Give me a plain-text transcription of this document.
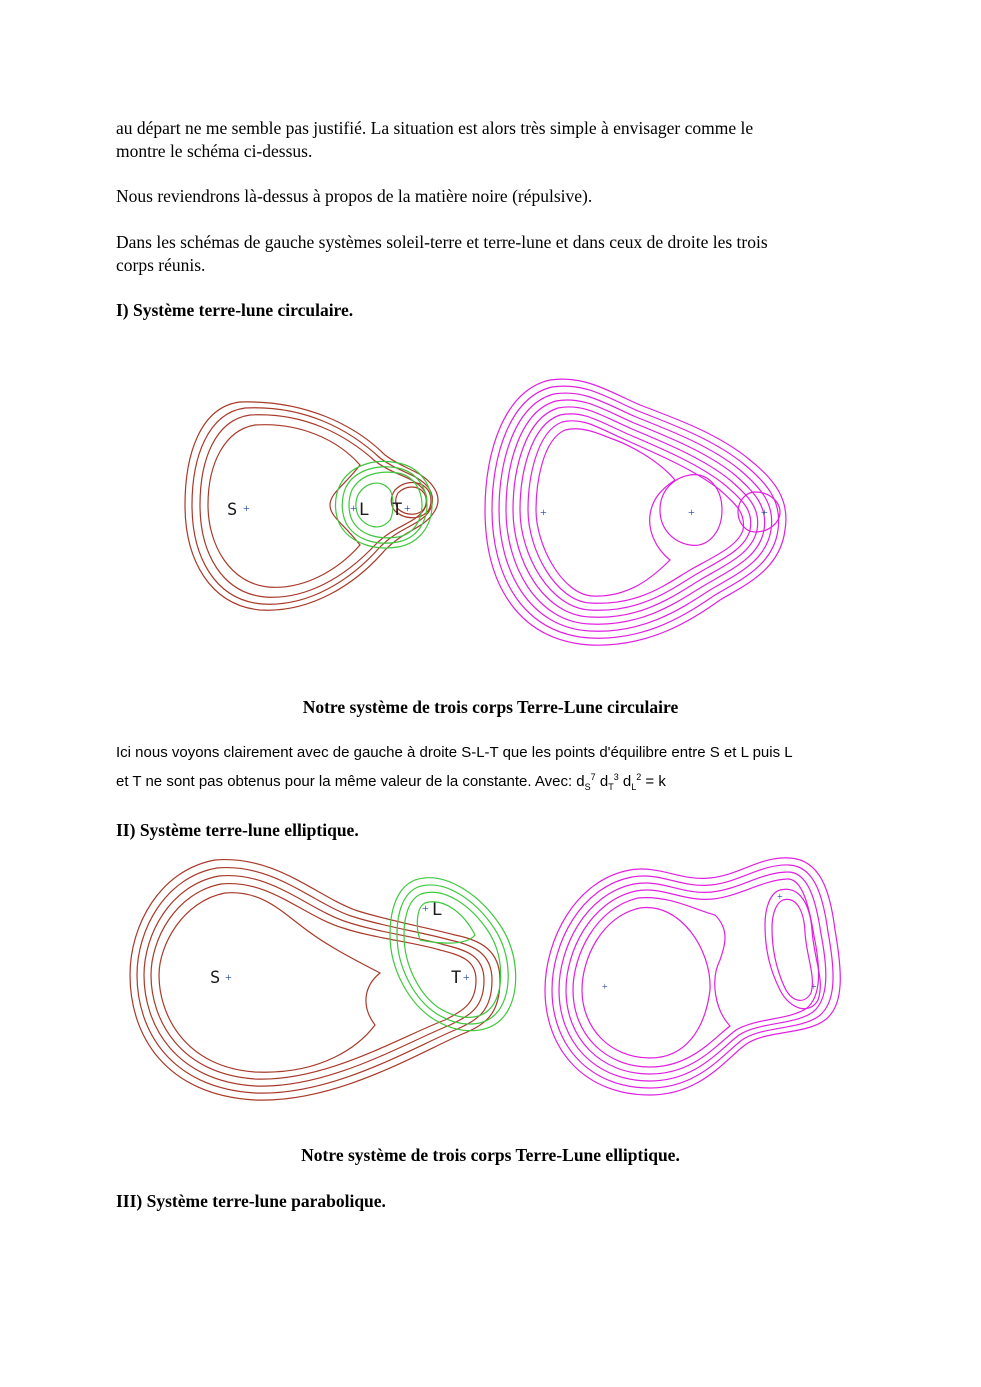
au départ ne me semble pas justifié. La situation est alors très simple à envisager comme le
montre le schéma ci-dessus.
Nous reviendrons là-dessus à propos de la matière noire (répulsive).
Dans les schémas de gauche systèmes soleil-terre et terre-lune et dans ceux de droite les trois
corps réunis.
I) Système terre-lune circulaire.
S +	+ L T +	+	+	+
Notre système de trois corps Terre-Lune circulaire
Ici nous voyons clairement avec de gauche à droite S-L-T que les points d'équilibre entre S et L puis L
et T ne sont pas obtenus pour la même valeur de la constante. Avec: $d_S^7$ $d_T^3$ $d_L^2 = k$
II) Système terre-lune elliptique.
S +
+ L
T +
+
+
+
Notre système de trois corps Terre-Lune elliptique.
III) Système terre-lune parabolique.
